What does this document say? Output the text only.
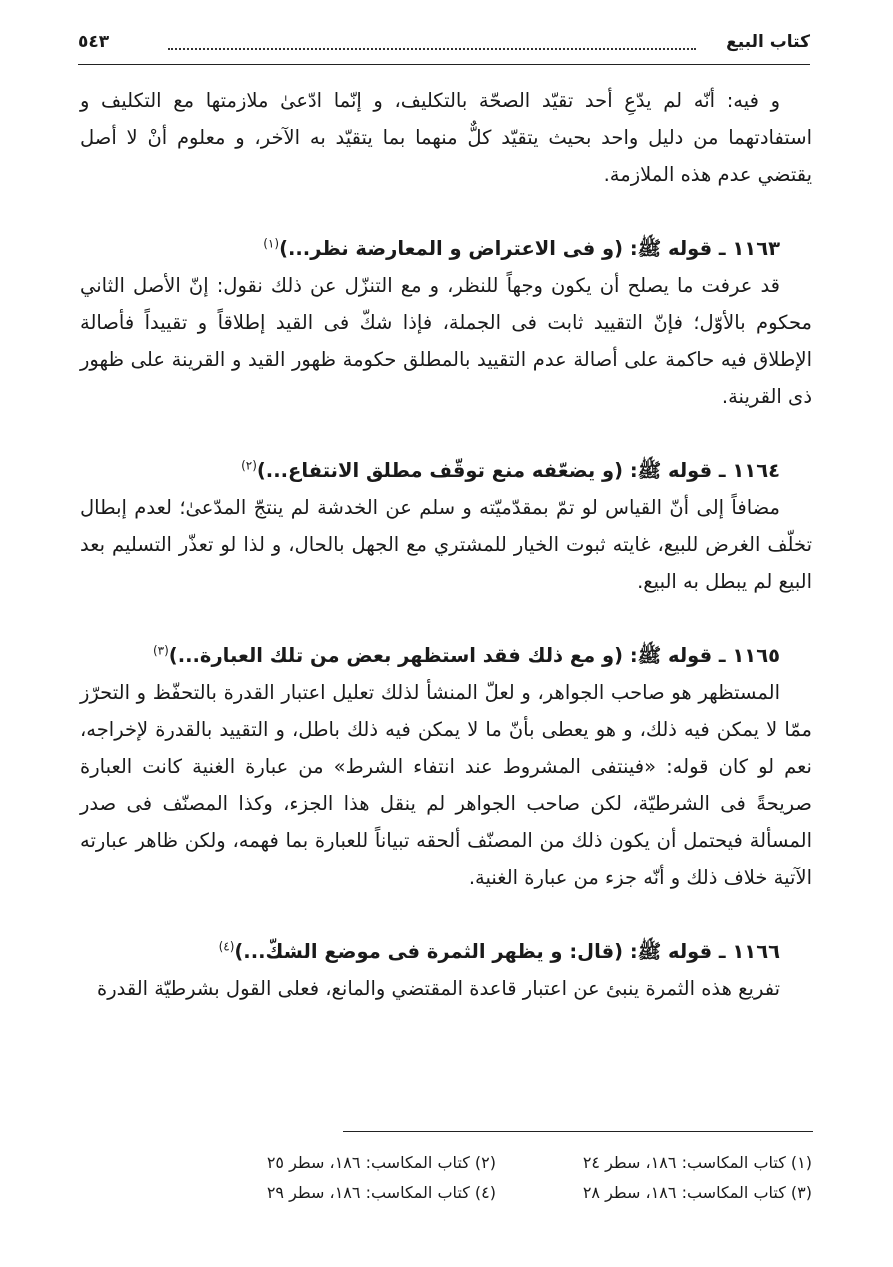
كتاب البيع
٥٤٣

و فيه: أنّه لم يدّعِ أحد تقيّد الصحّة بالتكليف، و إنّما ادّعىٰ ملازمتها مع التكليف و استفادتهما من دليل واحد بحيث يتقيّد كلٌّ منهما بما يتقيّد به الآخر، و معلوم أنْ لا أصل يقتضي عدم هذه الملازمة.

١١٦٣ ـ قوله ﷺ: (و فى الاعتراض و المعارضة نظر...)$^{(١)}$

قد عرفت ما يصلح أن يكون وجهاً للنظر، و مع التنزّل عن ذلك نقول: إنّ الأصل الثاني محكوم بالأوّل؛ فإنّ التقييد ثابت فى الجملة، فإذا شكّ فى القيد إطلاقاً و تقييداً فأصالة الإطلاق فيه حاكمة على أصالة عدم التقييد بالمطلق حكومة ظهور القيد و القرينة على ظهور ذى القرينة.

١١٦٤ ـ قوله ﷺ: (و يضعّفه منع توقّف مطلق الانتفاع...)$^{(٢)}$

مضافاً إلى أنّ القياس لو تمّ بمقدّميّته و سلم عن الخدشة لم ينتجّ المدّعىٰ؛ لعدم إبطال تخلّف الغرض للبيع، غايته ثبوت الخيار للمشتري مع الجهل بالحال، و لذا لو تعذّر التسليم بعد البيع لم يبطل به البيع.

١١٦٥ ـ قوله ﷺ: (و مع ذلك فقد استظهر بعض من تلك العبارة...)$^{(٣)}$

المستظهر هو صاحب الجواهر، و لعلّ المنشأ لذلك تعليل اعتبار القدرة بالتحفّظ و التحرّز ممّا لا يمكن فيه ذلك، و هو يعطى بأنّ ما لا يمكن فيه ذلك باطل، و التقييد بالقدرة لإخراجه، نعم لو كان قوله: «فينتفى المشروط عند انتفاء الشرط» من عبارة الغنية كانت العبارة صريحةً فى الشرطيّة، لكن صاحب الجواهر لم ينقل هذا الجزء، وكذا المصنّف فى صدر المسألة فيحتمل أن يكون ذلك من المصنّف ألحقه تبياناً للعبارة بما فهمه، ولكن ظاهر عبارته الآتية خلاف ذلك و أنّه جزء من عبارة الغنية.

١١٦٦ ـ قوله ﷺ: (قال: و يظهر الثمرة فى موضع الشكّ...)$^{(٤)}$

تفريع هذه الثمرة ينبئ عن اعتبار قاعدة المقتضي والمانع، فعلى القول بشرطيّة القدرة

(١) كتاب المكاسب: ١٨٦، سطر ٢٤
(٢) كتاب المكاسب: ١٨٦، سطر ٢٥
(٣) كتاب المكاسب: ١٨٦، سطر ٢٨
(٤) كتاب المكاسب: ١٨٦، سطر ٢٩
